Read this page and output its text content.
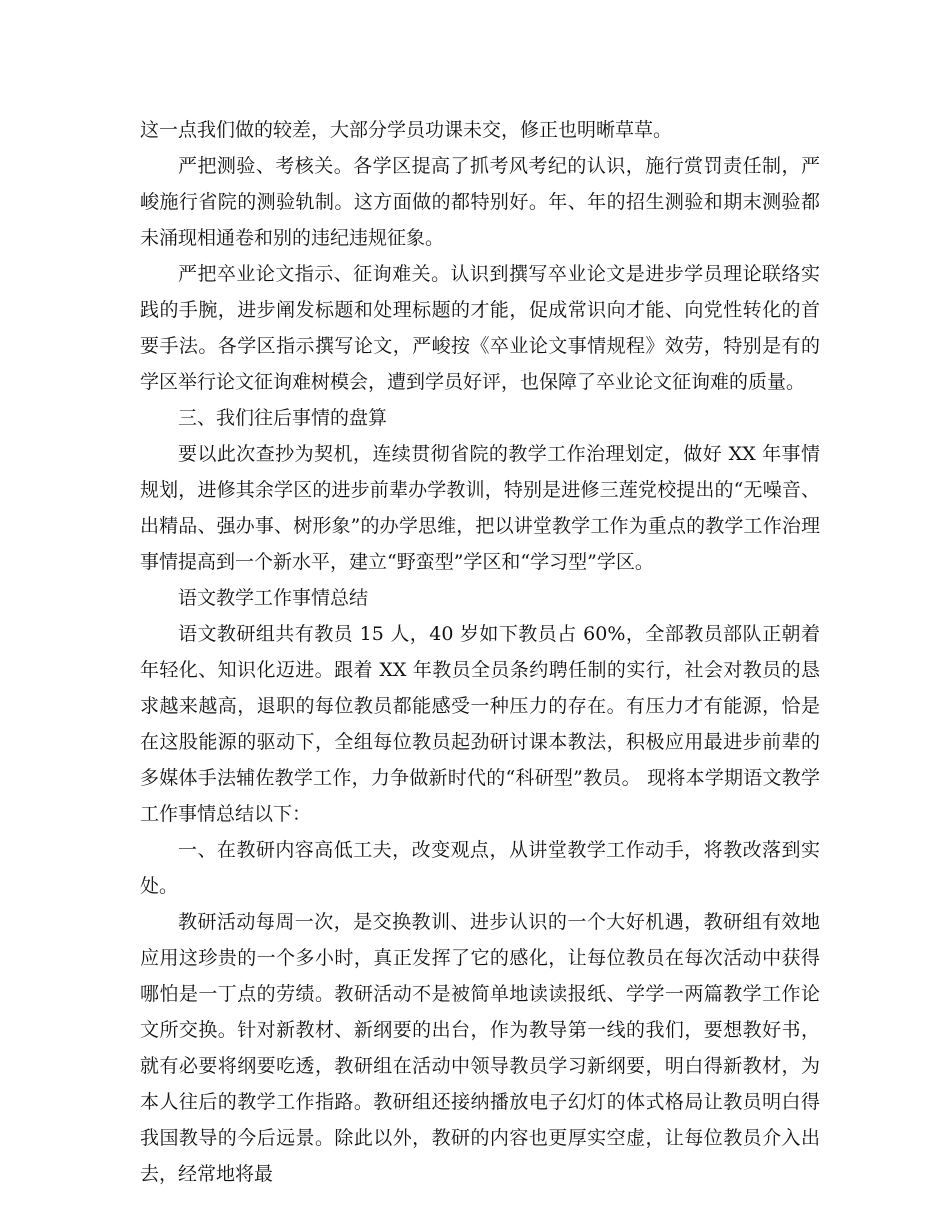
这一点我们做的较差，大部分学员功课未交，修正也明晰草草。

严把测验、考核关。各学区提高了抓考风考纪的认识，施行赏罚责任制，严峻施行省院的测验轨制。这方面做的都特别好。年、年的招生测验和期末测验都未涌现相通卷和别的违纪违规征象。

严把卒业论文指示、征询难关。认识到撰写卒业论文是进步学员理论联络实践的手腕，进步阐发标题和处理标题的才能，促成常识向才能、向党性转化的首要手法。各学区指示撰写论文，严峻按《卒业论文事情规程》效劳，特别是有的学区举行论文征询难树模会，遭到学员好评，也保障了卒业论文征询难的质量。

三、我们往后事情的盘算

要以此次查抄为契机，连续贯彻省院的教学工作治理划定，做好 XX 年事情规划，进修其余学区的进步前辈办学教训，特别是进修三莲党校提出的“无噪音、出精品、强办事、树形象”的办学思维，把以讲堂教学工作为重点的教学工作治理事情提高到一个新水平，建立“野蛮型”学区和“学习型”学区。

语文教学工作事情总结

语文教研组共有教员 15 人，40 岁如下教员占 60%，全部教员部队正朝着年轻化、知识化迈进。跟着 XX 年教员全员条约聘任制的实行，社会对教员的恳求越来越高，退职的每位教员都能感受一种压力的存在。有压力才有能源，恰是在这股能源的驱动下，全组每位教员起劲研讨课本教法，积极应用最进步前辈的多媒体手法辅佐教学工作，力争做新时代的“科研型”教员。 现将本学期语文教学工作事情总结以下：

一、在教研内容高低工夫，改变观点，从讲堂教学工作动手，将教改落到实处。

教研活动每周一次，是交换教训、进步认识的一个大好机遇，教研组有效地应用这珍贵的一个多小时，真正发挥了它的感化，让每位教员在每次活动中获得哪怕是一丁点的劳绩。教研活动不是被简单地读读报纸、学学一两篇教学工作论文所交换。针对新教材、新纲要的出台，作为教导第一线的我们，要想教好书，就有必要将纲要吃透，教研组在活动中领导教员学习新纲要，明白得新教材，为本人往后的教学工作指路。教研组还接纳播放电子幻灯的体式格局让教员明白得我国教导的今后远景。除此以外，教研的内容也更厚实空虚，让每位教员介入出去，经常地将最
